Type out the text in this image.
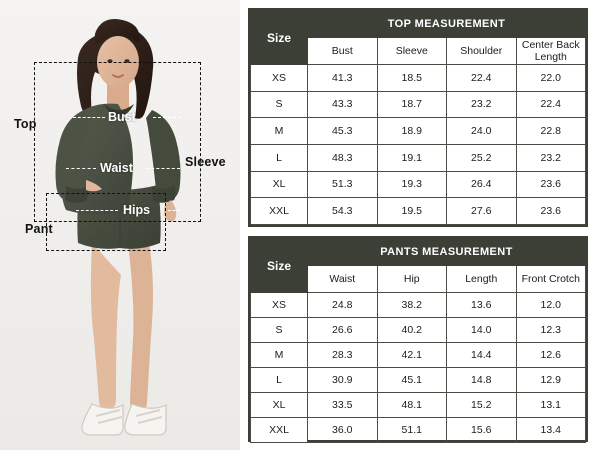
Top
Pant
Sleeve
Bust
Waist
Hips
Size	TOP MEASUREMENT			
	Bust	Sleeve	Shoulder	Center Back Length
XS	41.3	18.5	22.4	22.0
S	43.3	18.7	23.2	22.4
M	45.3	18.9	24.0	22.8
L	48.3	19.1	25.2	23.2
XL	51.3	19.3	26.4	23.6
XXL	54.3	19.5	27.6	23.6
Size	PANTS MEASUREMENT			
	Waist	Hip	Length	Front Crotch
XS	24.8	38.2	13.6	12.0
S	26.6	40.2	14.0	12.3
M	28.3	42.1	14.4	12.6
L	30.9	45.1	14.8	12.9
XL	33.5	48.1	15.2	13.1
XXL	36.0	51.1	15.6	13.4
